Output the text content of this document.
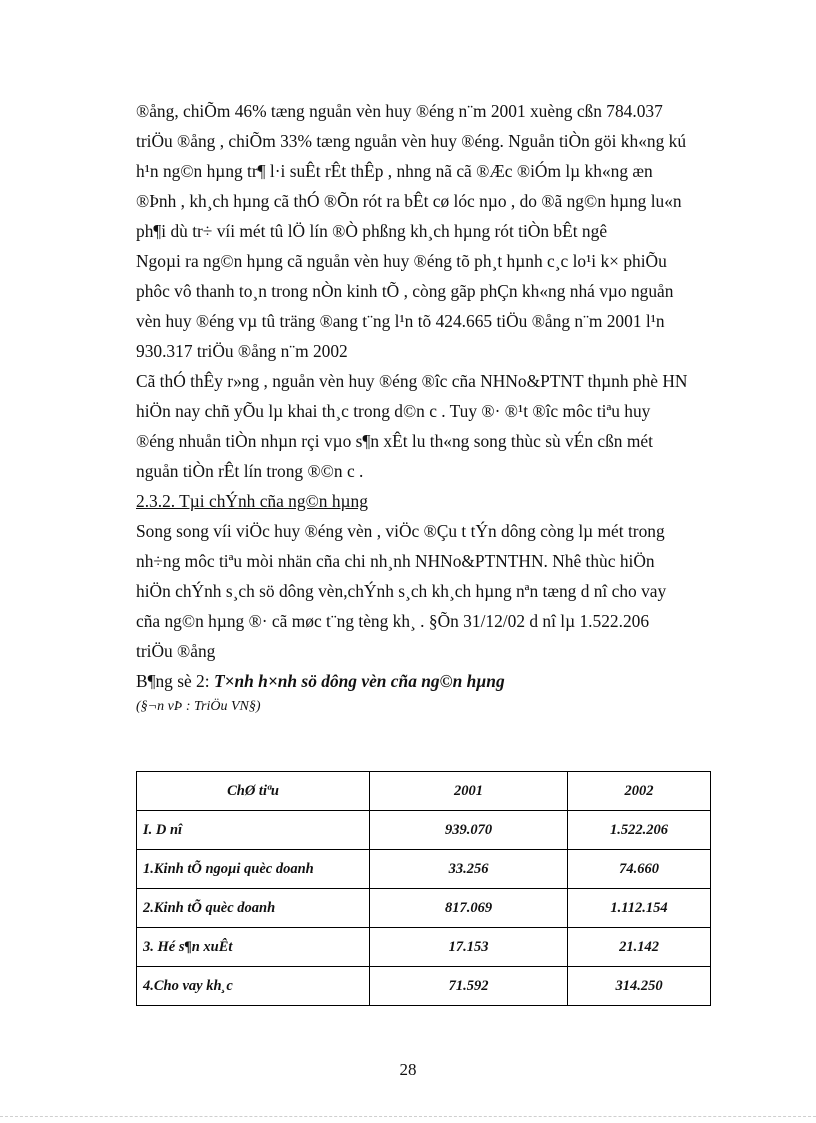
®ång, chiÕm 46% tæng nguån vèn huy ®éng n¨m 2001 xuèng cßn 784.037

triÖu ®ång , chiÕm 33% tæng nguån vèn huy ®éng. Nguån tiÒn göi kh«ng kú

h¹n ng©n hµng tr¶ l·i suÊt rÊt thÊp , nhng nã cã ®Æc ®iÓm lµ kh«ng æn

®Þnh , kh¸ch hµng cã thÓ ®Õn rót ra bÊt cø lóc nµo , do ®ã ng©n hµng lu«n

ph¶i dù tr÷ víi mét tû lÖ lín ®Ò phßng kh¸ch hµng rót tiÒn bÊt ngê

Ngoµi ra ng©n hµng cã nguån vèn huy ®éng tõ ph¸t hµnh c¸c lo¹i k× phiÕu

phôc vô thanh to¸n trong nÒn kinh tÕ , còng gãp phÇn kh«ng nhá vµo nguån

vèn huy ®éng vµ tû träng ®ang t¨ng l¹n tõ 424.665 tiÖu ®ång n¨m 2001 l¹n

930.317 triÖu ®ång n¨m 2002

Cã thÓ thÊy r»ng , nguån vèn huy ®éng ®îc cña NHNo&PTNT thµnh phè HN

hiÖn nay chñ yÕu lµ khai th¸c trong d©n c . Tuy ®· ®¹t ®îc môc tiªu huy

®éng nhuån tiÒn nhµn rçi vµo s¶n xÊt lu th«ng song thùc sù vÉn cßn mét

nguån tiÒn rÊt lín trong ®©n c .

2.3.2. Tµi chÝnh cña ng©n hµng

Song song víi viÖc huy ®éng vèn , viÖc ®Çu t tÝn dông còng lµ mét trong

nh÷ng môc tiªu mòi nhän cña chi nh¸nh NHNo&PTNTHN. Nhê thùc hiÖn

hiÖn chÝnh s¸ch sö dông vèn,chÝnh s¸ch kh¸ch hµng nªn tæng d nî cho vay

cña ng©n hµng ®· cã møc t¨ng tèng kh¸ . §Õn 31/12/02 d nî lµ 1.522.206

triÖu ®ång

B¶ng sè 2: T×nh h×nh sö dông vèn cña ng©n hµng

(§¬n vÞ : TriÖu VN§)

ChØ tiªu	2001	2002
I. D nî	939.070	1.522.206
1.Kinh tÕ ngoµi quèc doanh	33.256	74.660
2.Kinh tÕ quèc doanh	817.069	1.112.154
3. Hé s¶n xuÊt	17.153	21.142
4.Cho vay kh¸c	71.592	314.250
28
